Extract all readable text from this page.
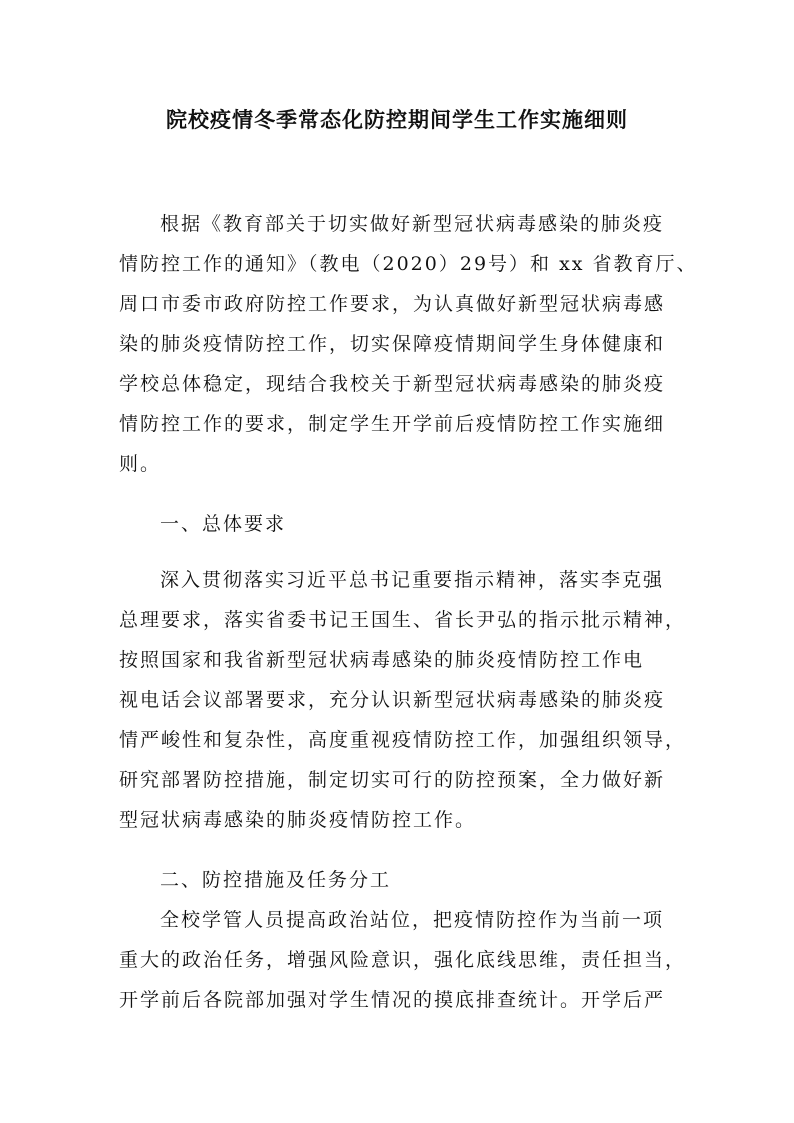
院校疫情冬季常态化防控期间学生工作实施细则
根据《教育部关于切实做好新型冠状病毒感染的肺炎疫
情防控工作的通知》（教电（2020）29号）和 xx 省教育厅、
周口市委市政府防控工作要求，为认真做好新型冠状病毒感
染的肺炎疫情防控工作，切实保障疫情期间学生身体健康和
学校总体稳定，现结合我校关于新型冠状病毒感染的肺炎疫
情防控工作的要求，制定学生开学前后疫情防控工作实施细
则。
一、总体要求
深入贯彻落实习近平总书记重要指示精神，落实李克强
总理要求，落实省委书记王国生、省长尹弘的指示批示精神，
按照国家和我省新型冠状病毒感染的肺炎疫情防控工作电
视电话会议部署要求，充分认识新型冠状病毒感染的肺炎疫
情严峻性和复杂性，高度重视疫情防控工作，加强组织领导，
研究部署防控措施，制定切实可行的防控预案，全力做好新
型冠状病毒感染的肺炎疫情防控工作。
二、防控措施及任务分工
全校学管人员提高政治站位，把疫情防控作为当前一项
重大的政治任务，增强风险意识，强化底线思维，责任担当，
开学前后各院部加强对学生情况的摸底排查统计。开学后严
